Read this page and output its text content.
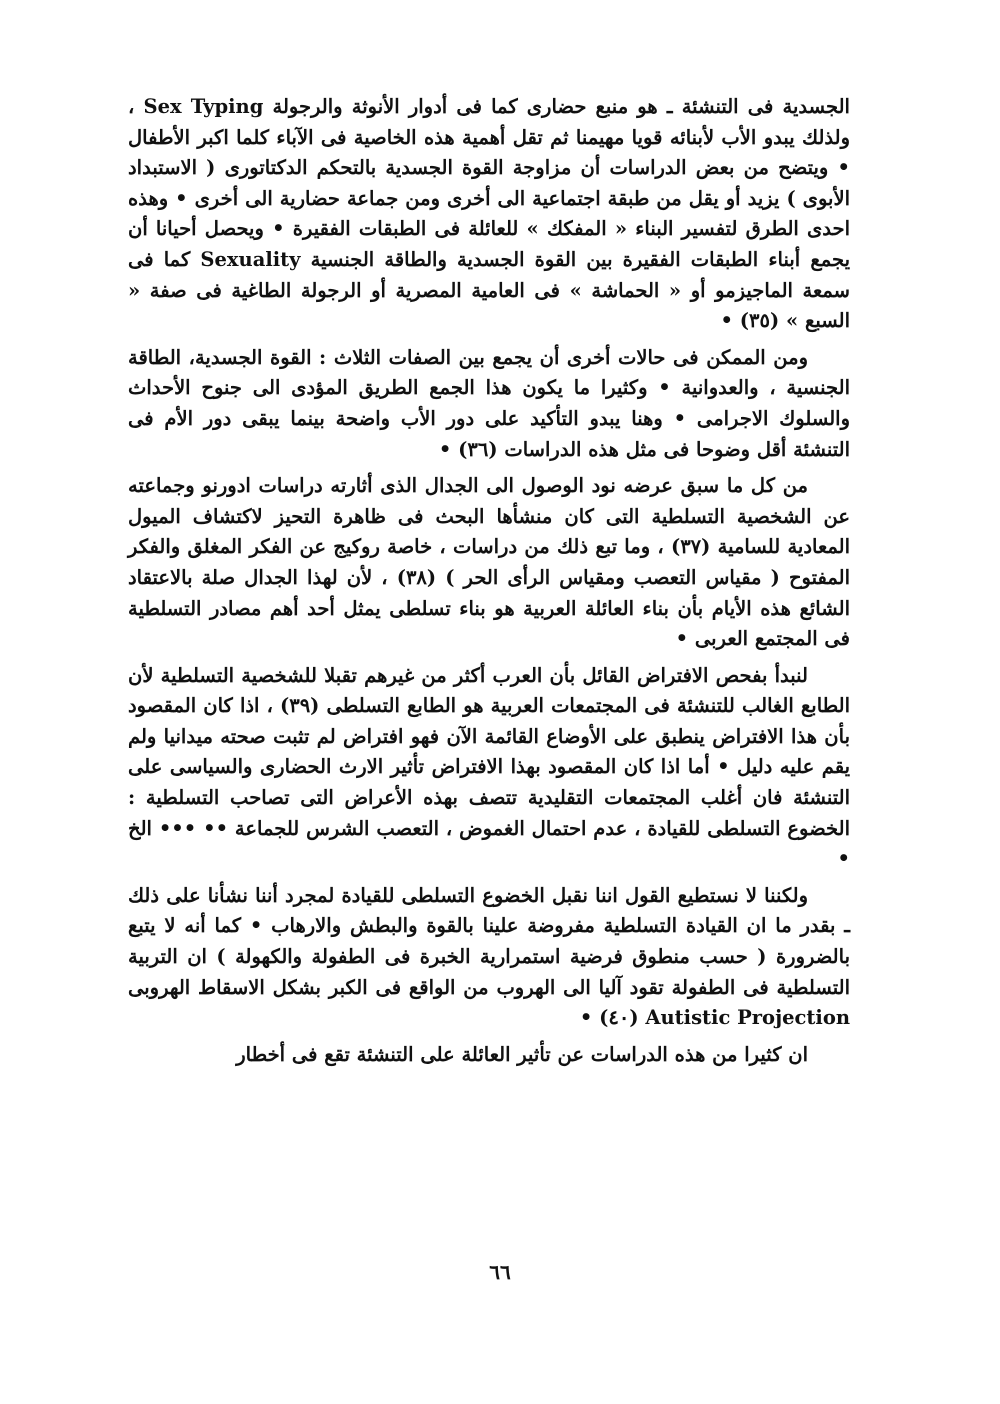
الجسدية فى التنشئة ـ هو منبع حضارى كما فى أدوار الأنوثة والرجولة Sex Typing ، ولذلك يبدو الأب لأبنائه قويا مهيمنا ثم تقل أهمية هذه الخاصية فى الآباء كلما اكبر الأطفال • ويتضح من بعض الدراسات أن مزاوجة القوة الجسدية بالتحكم الدكتاتورى ( الاستبداد الأبوى ) يزيد أو يقل من طبقة اجتماعية الى أخرى ومن جماعة حضارية الى أخرى • وهذه احدى الطرق لتفسير البناء « المفكك » للعائلة فى الطبقات الفقيرة • ويحصل أحيانا أن يجمع أبناء الطبقات الفقيرة بين القوة الجسدية والطاقة الجنسية Sexuality كما فى سمعة الماجيزمو أو « الحماشة » فى العامية المصرية أو الرجولة الطاغية فى صفة « السبع » (٣٥) •

ومن الممكن فى حالات أخرى أن يجمع بين الصفات الثلاث : القوة الجسدية، الطاقة الجنسية ، والعدوانية • وكثيرا ما يكون هذا الجمع الطريق المؤدى الى جنوح الأحداث والسلوك الاجرامى • وهنا يبدو التأكيد على دور الأب واضحة بينما يبقى دور الأم فى التنشئة أقل وضوحا فى مثل هذه الدراسات (٣٦) •

من كل ما سبق عرضه نود الوصول الى الجدال الذى أثارته دراسات ادورنو وجماعته عن الشخصية التسلطية التى كان منشأها البحث فى ظاهرة التحيز لاكتشاف الميول المعادية للسامية (٣٧) ، وما تبع ذلك من دراسات ، خاصة روكيج عن الفكر المغلق والفكر المفتوح ( مقياس التعصب ومقياس الرأى الحر ) (٣٨) ، لأن لهذا الجدال صلة بالاعتقاد الشائع هذه الأيام بأن بناء العائلة العربية هو بناء تسلطى يمثل أحد أهم مصادر التسلطية فى المجتمع العربى •

لنبدأ بفحص الافتراض القائل بأن العرب أكثر من غيرهم تقبلا للشخصية التسلطية لأن الطابع الغالب للتنشئة فى المجتمعات العربية هو الطابع التسلطى (٣٩) ، اذا كان المقصود بأن هذا الافتراض ينطبق على الأوضاع القائمة الآن فهو افتراض لم تثبت صحته ميدانيا ولم يقم عليه دليل • أما اذا كان المقصود بهذا الافتراض تأثير الارث الحضارى والسياسى على التنشئة فان أغلب المجتمعات التقليدية تتصف بهذه الأعراض التى تصاحب التسلطية : الخضوع التسلطى للقيادة ، عدم احتمال الغموض ، التعصب الشرس للجماعة •• ••• الخ •

ولكننا لا نستطيع القول اننا نقبل الخضوع التسلطى للقيادة لمجرد أننا نشأنا على ذلك ـ بقدر ما ان القيادة التسلطية مفروضة علينا بالقوة والبطش والارهاب • كما أنه لا يتبع بالضرورة ( حسب منطوق فرضية استمرارية الخبرة فى الطفولة والكهولة ) ان التربية التسلطية فى الطفولة تقود آليا الى الهروب من الواقع فى الكبر بشكل الاسقاط الهروبى Autistic Projection (٤٠) •

ان كثيرا من هذه الدراسات عن تأثير العائلة على التنشئة تقع فى أخطار

٦٦
